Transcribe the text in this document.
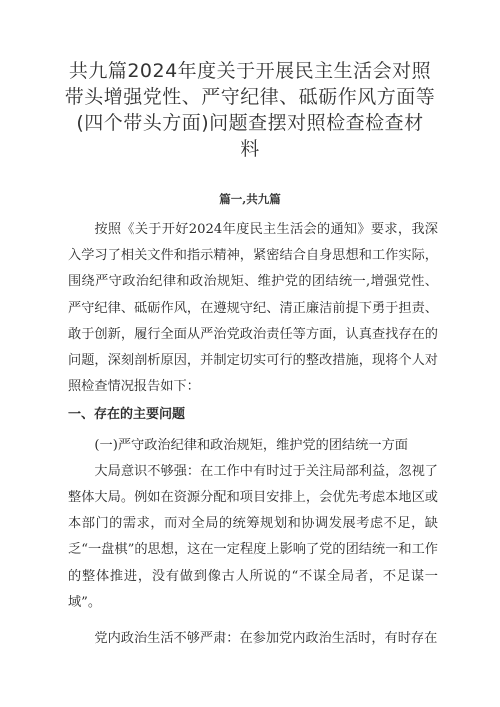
共九篇2024年度关于开展民主生活会对照
带头增强党性、严守纪律、砥砺作风方面等
(四个带头方面)问题查摆对照检查检查材
料
篇一,共九篇

按照《关于开好2024年度民主生活会的通知》要求，我深入学习了相关文件和指示精神，紧密结合自身思想和工作实际，围绕严守政治纪律和政治规矩、维护党的团结统一,增强党性、严守纪律、砥砺作风，在遵规守纪、清正廉洁前提下勇于担责、敢于创新，履行全面从严治党政治责任等方面，认真查找存在的问题，深刻剖析原因，并制定切实可行的整改措施，现将个人对照检查情况报告如下：

一、存在的主要问题

(一)严守政治纪律和政治规矩，维护党的团结统一方面

大局意识不够强：在工作中有时过于关注局部利益，忽视了整体大局。例如在资源分配和项目安排上，会优先考虑本地区或本部门的需求，而对全局的统筹规划和协调发展考虑不足，缺乏“一盘棋”的思想，这在一定程度上影响了党的团结统一和工作的整体推进，没有做到像古人所说的“不谋全局者，不足谋一域”。

党内政治生活不够严肃：在参加党内政治生活时，有时存在
